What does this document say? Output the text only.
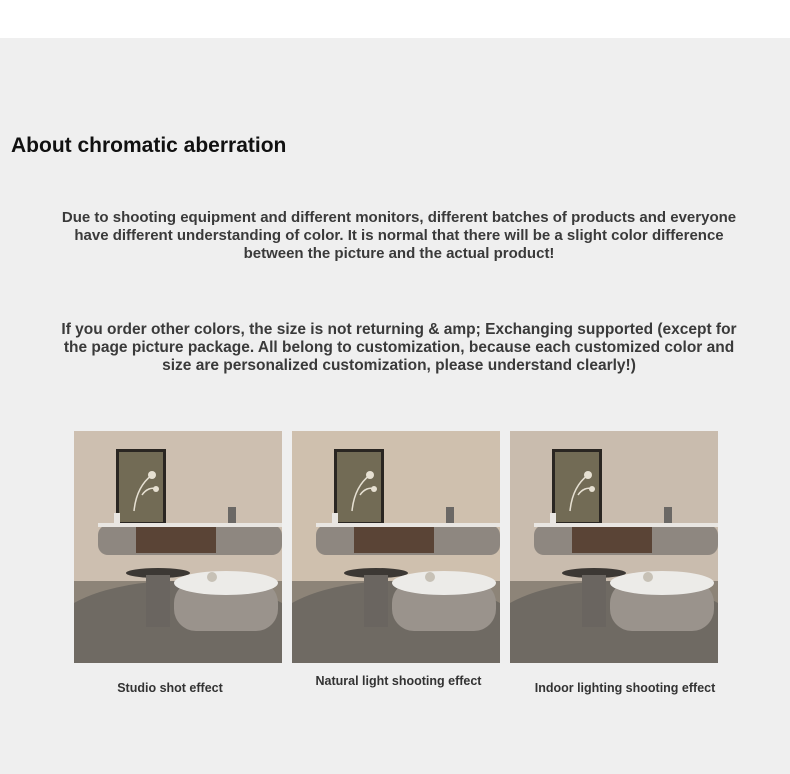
About chromatic aberration
Due to shooting equipment and different monitors, different batches of products and everyone have different understanding of color. It is normal that there will be a slight color difference between the picture and the actual product!
If you order other colors, the size is not returning & amp; Exchanging supported (except for the page picture package. All belong to customization, because each customized color and size are personalized customization, please understand clearly!)
Studio shot effect	Natural light shooting effect	Indoor lighting shooting effect
